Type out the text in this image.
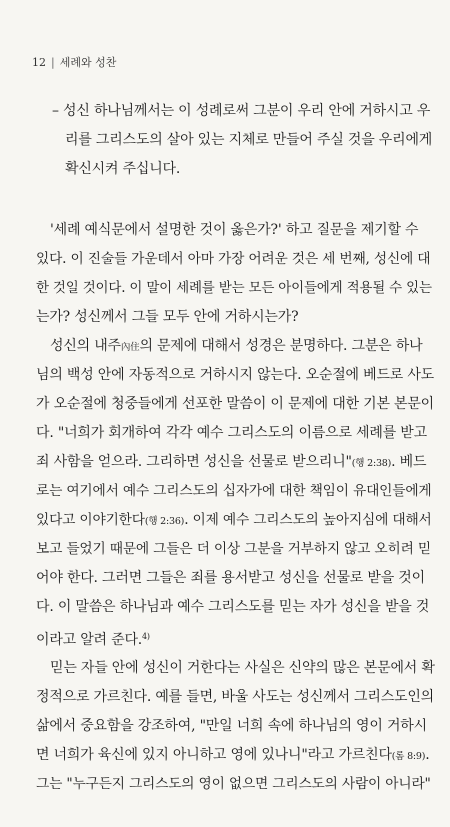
12 | 세례와 성찬
– 성신 하나님께서는 이 성례로써 그분이 우리 안에 거하시고 우
리를 그리스도의 살아 있는 지체로 만들어 주실 것을 우리에게
확신시켜 주십니다.
'세례 예식문에서 설명한 것이 옳은가?' 하고 질문을 제기할 수
있다. 이 진술들 가운데서 아마 가장 어려운 것은 세 번째, 성신에 대
한 것일 것이다. 이 말이 세례를 받는 모든 아이들에게 적용될 수 있는
는가? 성신께서 그들 모두 안에 거하시는가?
성신의 내주內住의 문제에 대해서 성경은 분명하다. 그분은 하나
님의 백성 안에 자동적으로 거하시지 않는다. 오순절에 베드로 사도
가 오순절에 청중들에게 선포한 말씀이 이 문제에 대한 기본 본문이
다. "너희가 회개하여 각각 예수 그리스도의 이름으로 세례를 받고
죄 사함을 얻으라. 그리하면 성신을 선물로 받으리니"(행 2:38). 베드
로는 여기에서 예수 그리스도의 십자가에 대한 책임이 유대인들에게
있다고 이야기한다(행 2:36). 이제 예수 그리스도의 높아지심에 대해서
보고 들었기 때문에 그들은 더 이상 그분을 거부하지 않고 오히려 믿
어야 한다. 그러면 그들은 죄를 용서받고 성신을 선물로 받을 것이
다. 이 말씀은 하나님과 예수 그리스도를 믿는 자가 성신을 받을 것
이라고 알려 준다.$^{4)}$
믿는 자들 안에 성신이 거한다는 사실은 신약의 많은 본문에서 확
정적으로 가르친다. 예를 들면, 바울 사도는 성신께서 그리스도인의
삶에서 중요함을 강조하여, "만일 너희 속에 하나님의 영이 거하시
면 너희가 육신에 있지 아니하고 영에 있나니"라고 가르친다(롬 8:9).
그는 "누구든지 그리스도의 영이 없으면 그리스도의 사람이 아니라"
